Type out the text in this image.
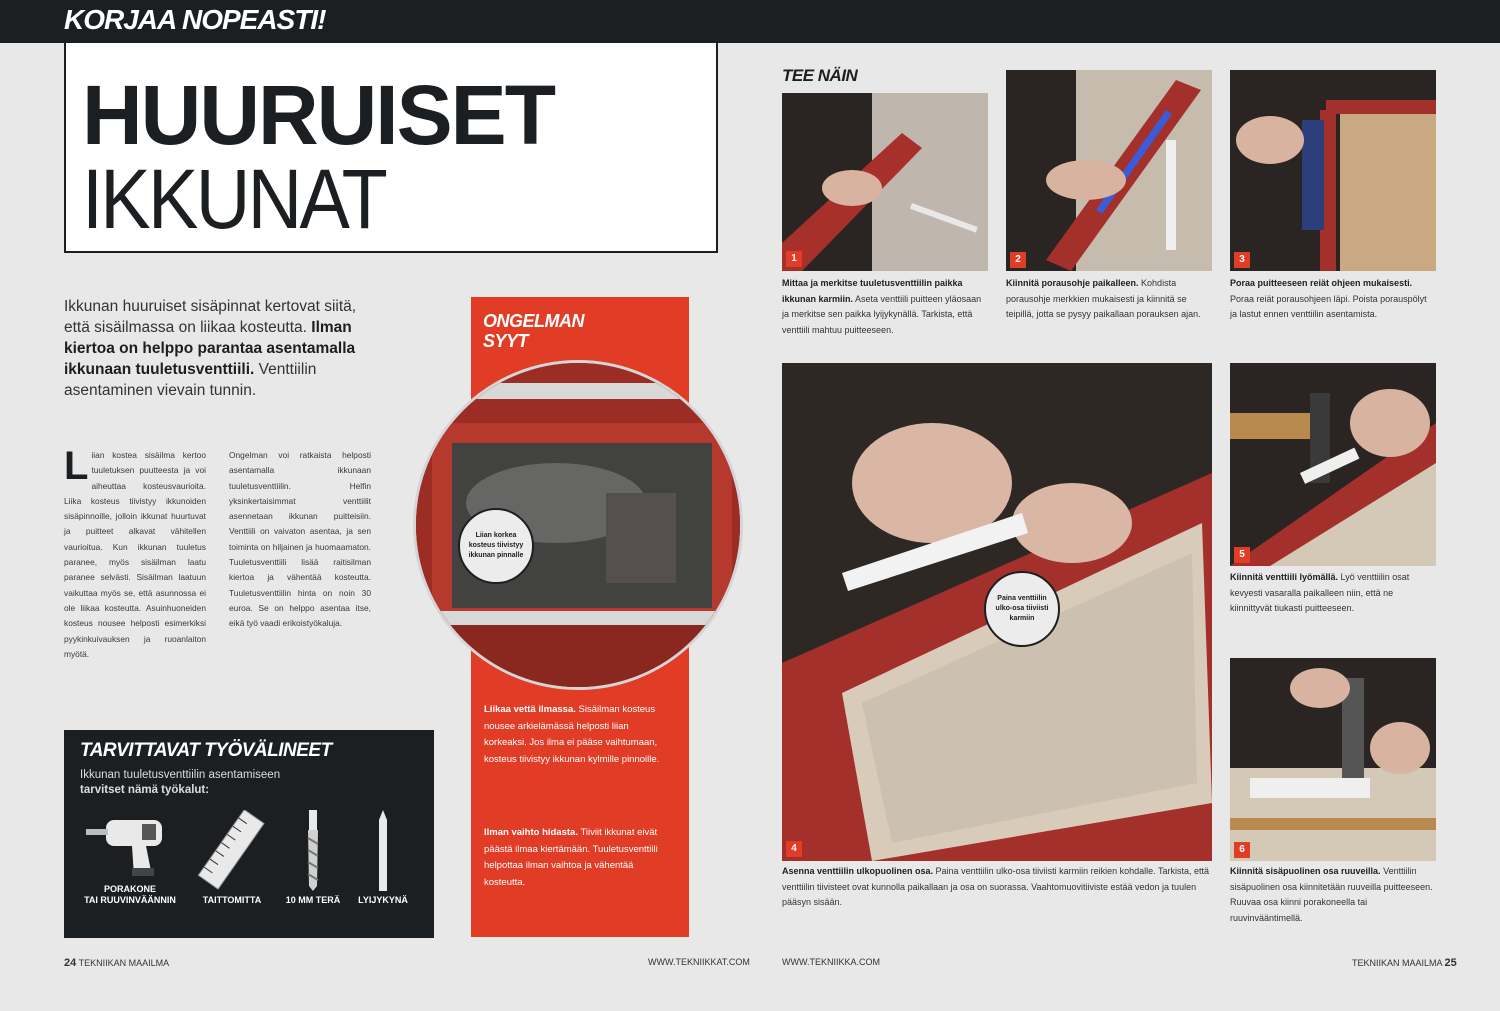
KORJAA NOPEASTI!
HUURUISET
IKKUNAT
Ikkunan huuruiset sisäpinnat kertovat siitä, että sisäilmassa on liikaa kosteutta. Ilman kiertoa on helppo parantaa asentamalla ikkunaan tuuletusventtiili. Venttiilin asentaminen vievain tunnin.
L iian kostea sisäilma kertoo tuuletuksen puutteesta ja voi aiheuttaa kosteusvaurioita. Liika kosteus tiivistyy ikkunoiden sisäpinnoille, jolloin ikkunat huurtuvat ja puitteet alkavat vähitellen vaurioitua. Kun ikkunan tuuletus paranee, myös sisäilman laatu paranee selvästi. Sisäilman laatuun vaikuttaa myös se, että asunnossa ei ole liikaa kosteutta. Asuinhuoneiden kosteus nousee helposti esimerkiksi pyykinkuivauksen ja ruoanlaiton myötä.
Ongelman voi ratkaista helposti asentamalla ikkunaan tuuletusventtiilin. Helfin yksinkertaisimmat venttiilit asennetaan ikkunan puitteisiin. Venttiili on vaivaton asentaa, ja sen toiminta on hiljainen ja huomaamaton. Tuuletusventtiili lisää raitisilman kiertoa ja vähentää kosteutta. Tuuletusventtiilin hinta on noin 30 euroa. Se on helppo asentaa itse, eikä työ vaadi erikoistyökaluja.
TARVITTAVAT TYÖVÄLINEET
Ikkunan tuuletusventtiilin asentamiseen
tarvitset nämä työkalut:
PORAKONE
TAI RUUVINVÄÄNNIN	TAITTOMITTA	10 MM TERÄ	LYIJYKYNÄ
ONGELMAN
SYYT
Liian korkea kosteus tiivistyy ikkunan pinnalle
Liikaa vettä ilmassa. Sisäilman kosteus nousee arkielämässä helposti liian korkeaksi. Jos ilma ei pääse vaihtumaan, kosteus tiivistyy ikkunan kylmille pinnoille.
Ilman vaihto hidasta. Tiiviit ikkunat eivät päästä ilmaa kiertämään. Tuuletusventtiili helpottaa ilman vaihtoa ja vähentää kosteutta.
TEE NÄIN
1
Mittaa ja merkitse tuuletusventtiilin paikka ikkunan karmiin. Aseta venttiili puitteen yläosaan ja merkitse sen paikka lyijykynällä. Tarkista, että venttiili mahtuu puitteeseen.
2
Kiinnitä porausohje paikalleen. Kohdista porausohje merkkien mukaisesti ja kiinnitä se teipillä, jotta se pysyy paikallaan porauksen ajan.
3
Poraa puitteeseen reiät ohjeen mukaisesti. Poraa reiät porausohjeen läpi. Poista porauspölyt ja lastut ennen venttiilin asentamista.
Paina venttiilin ulko-osa tiiviisti karmiin
4
Asenna venttiilin ulkopuolinen osa. Paina venttiilin ulko-osa tiiviisti karmiin reikien kohdalle. Tarkista, että venttiilin tiivisteet ovat kunnolla paikallaan ja osa on suorassa. Vaahtomuovitiiviste estää vedon ja tuulen pääsyn sisään.
5
Kiinnitä venttiili lyömällä. Lyö venttiilin osat kevyesti vasaralla paikalleen niin, että ne kiinnittyvät tiukasti puitteeseen.
6
Kiinnitä sisäpuolinen osa ruuveilla. Venttiilin sisäpuolinen osa kiinnitetään ruuveilla puitteeseen. Ruuvaa osa kiinni porakoneella tai ruuvinvääntimellä.
24 TEKNIIKAN MAAILMA	WWW.TEKNIIKKAT.COM	WWW.TEKNIIKKA.COM	TEKNIIKAN MAAILMA 25
